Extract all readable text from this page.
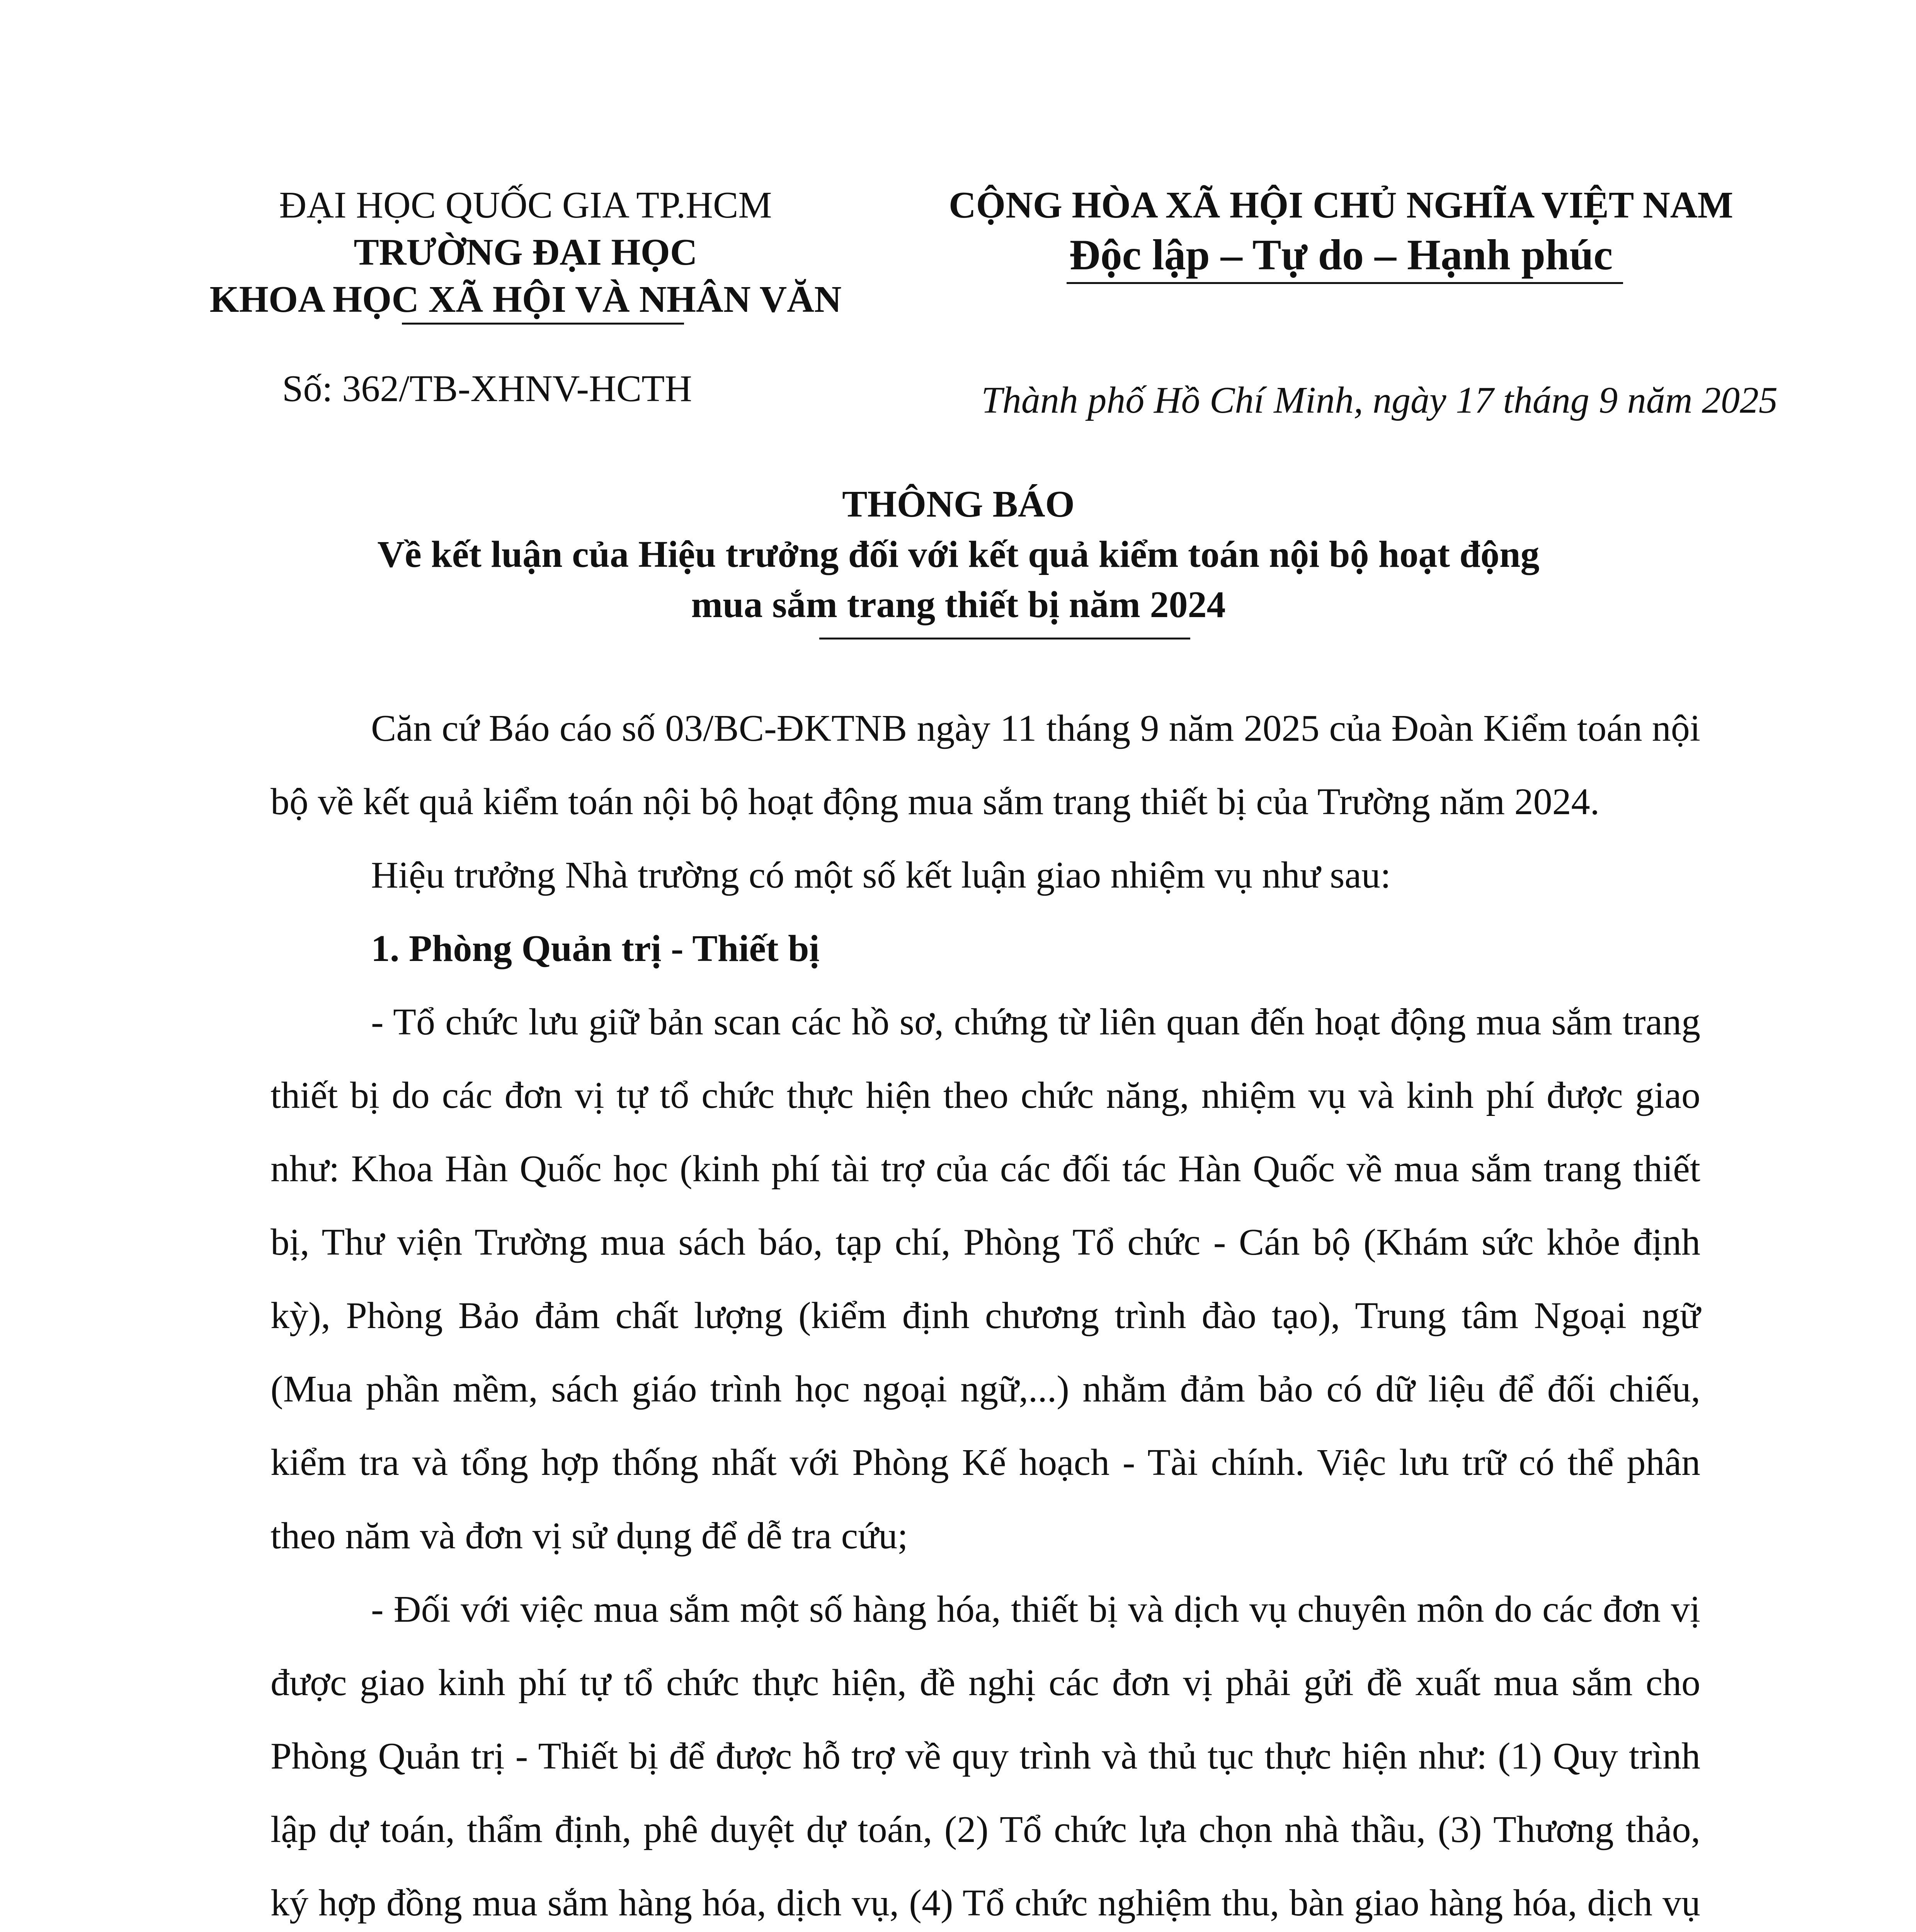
ĐẠI HỌC QUỐC GIA TP.HCM
TRƯỜNG ĐẠI HỌC
KHOA HỌC XÃ HỘI VÀ NHÂN VĂN
CỘNG HÒA XÃ HỘI CHỦ NGHĨA VIỆT NAM
Độc lập – Tự do – Hạnh phúc
Số: 362/TB-XHNV-HCTH	Thành phố Hồ Chí Minh, ngày 17 tháng 9 năm 2025
THÔNG BÁO
Về kết luận của Hiệu trưởng đối với kết quả kiểm toán nội bộ hoạt động
mua sắm trang thiết bị năm 2024

Căn cứ Báo cáo số 03/BC-ĐKTNB ngày 11 tháng 9 năm 2025 của Đoàn Kiểm toán nội bộ về kết quả kiểm toán nội bộ hoạt động mua sắm trang thiết bị của Trường năm 2024.

Hiệu trưởng Nhà trường có một số kết luận giao nhiệm vụ như sau:

1. Phòng Quản trị - Thiết bị

- Tổ chức lưu giữ bản scan các hồ sơ, chứng từ liên quan đến hoạt động mua sắm trang thiết bị do các đơn vị tự tổ chức thực hiện theo chức năng, nhiệm vụ và kinh phí được giao như: Khoa Hàn Quốc học (kinh phí tài trợ của các đối tác Hàn Quốc về mua sắm trang thiết bị, Thư viện Trường mua sách báo, tạp chí, Phòng Tổ chức - Cán bộ (Khám sức khỏe định kỳ), Phòng Bảo đảm chất lượng (kiểm định chương trình đào tạo), Trung tâm Ngoại ngữ (Mua phần mềm, sách giáo trình học ngoại ngữ,...) nhằm đảm bảo có dữ liệu để đối chiếu, kiểm tra và tổng hợp thống nhất với Phòng Kế hoạch - Tài chính. Việc lưu trữ có thể phân theo năm và đơn vị sử dụng để dễ tra cứu;

- Đối với việc mua sắm một số hàng hóa, thiết bị và dịch vụ chuyên môn do các đơn vị được giao kinh phí tự tổ chức thực hiện, đề nghị các đơn vị phải gửi đề xuất mua sắm cho Phòng Quản trị - Thiết bị để được hỗ trợ về quy trình và thủ tục thực hiện như: (1) Quy trình lập dự toán, thẩm định, phê duyệt dự toán, (2) Tổ chức lựa chọn nhà thầu, (3) Thương thảo, ký hợp đồng mua sắm hàng hóa, dịch vụ, (4) Tổ chức nghiệm thu, bàn giao hàng hóa, dịch vụ
